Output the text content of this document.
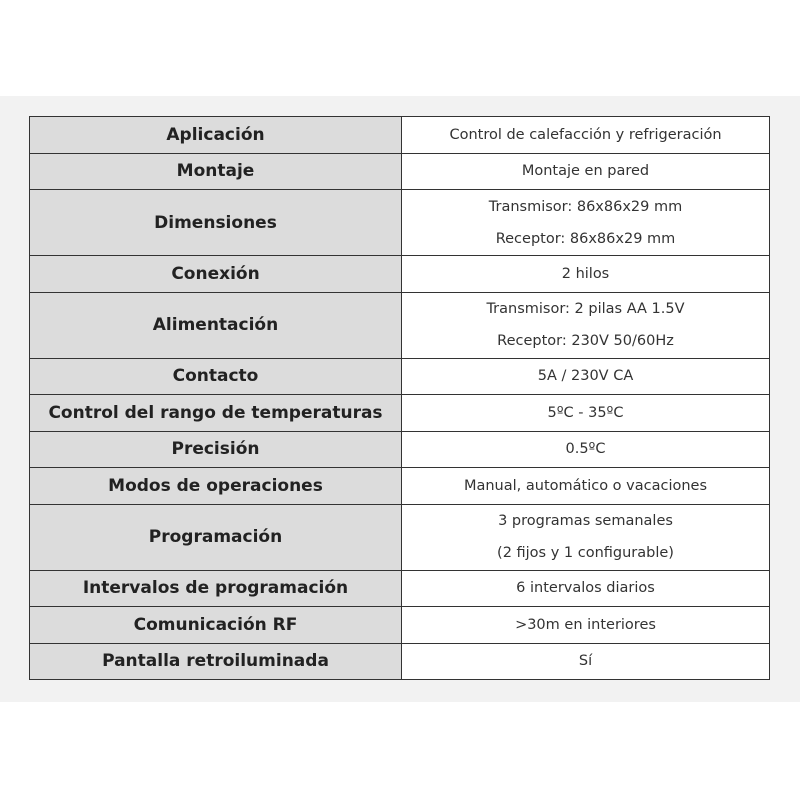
Aplicación	Control de calefacción y refrigeración
Montaje	Montaje en pared
Dimensiones	Transmisor: 86x86x29 mm
Receptor: 86x86x29 mm

Conexión	2 hilos
Alimentación	Transmisor: 2 pilas AA 1.5V
Receptor: 230V 50/60Hz

Contacto	5A / 230V CA
Control del rango de temperaturas	5ºC - 35ºC
Precisión	0.5ºC
Modos de operaciones	Manual, automático o vacaciones
Programación	3 programas semanales
(2 fijos y 1 configurable)

Intervalos de programación	6 intervalos diarios
Comunicación RF	>30m en interiores
Pantalla retroiluminada	Sí
